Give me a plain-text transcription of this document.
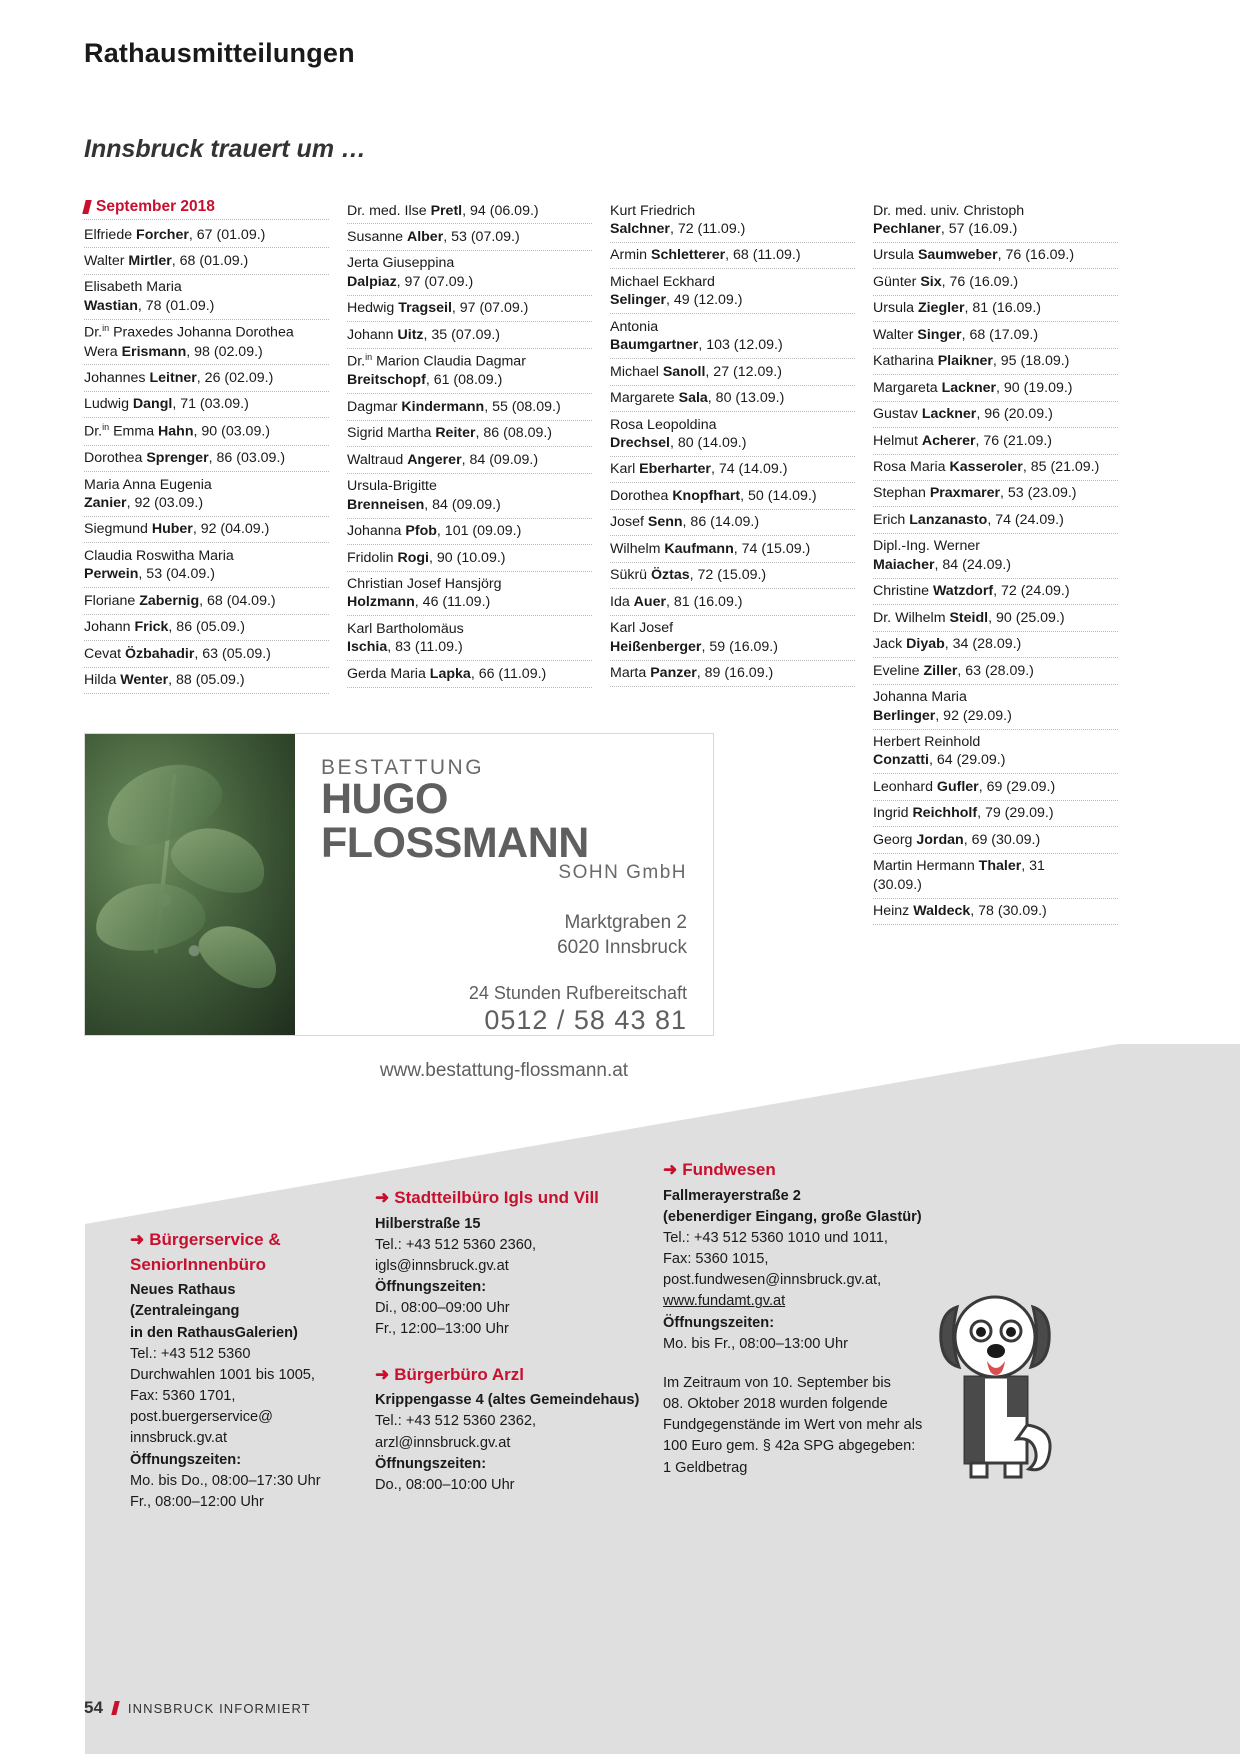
Rathausmitteilungen
Innsbruck trauert um …
September 2018
Elfriede Forcher, 67 (01.09.)
Walter Mirtler, 68 (01.09.)
Elisabeth Maria
Wastian, 78 (01.09.)
Dr.$^{in}$ Praxedes Johanna Dorothea
Wera Erismann, 98 (02.09.)
Johannes Leitner, 26 (02.09.)
Ludwig Dangl, 71 (03.09.)
Dr.$^{in}$ Emma Hahn, 90 (03.09.)
Dorothea Sprenger, 86 (03.09.)
Maria Anna Eugenia
Zanier, 92 (03.09.)
Siegmund Huber, 92 (04.09.)
Claudia Roswitha Maria
Perwein, 53 (04.09.)
Floriane Zabernig, 68 (04.09.)
Johann Frick, 86 (05.09.)
Cevat Özbahadir, 63 (05.09.)
Hilda Wenter, 88 (05.09.)
Dr. med. Ilse Pretl, 94 (06.09.)
Susanne Alber, 53 (07.09.)
Jerta Giuseppina
Dalpiaz, 97 (07.09.)
Hedwig Tragseil, 97 (07.09.)
Johann Uitz, 35 (07.09.)
Dr.$^{in}$ Marion Claudia Dagmar
Breitschopf, 61 (08.09.)
Dagmar Kindermann, 55 (08.09.)
Sigrid Martha Reiter, 86 (08.09.)
Waltraud Angerer, 84 (09.09.)
Ursula-Brigitte
Brenneisen, 84 (09.09.)
Johanna Pfob, 101 (09.09.)
Fridolin Rogi, 90 (10.09.)
Christian Josef Hansjörg
Holzmann, 46 (11.09.)
Karl Bartholomäus
Ischia, 83 (11.09.)
Gerda Maria Lapka, 66 (11.09.)
Kurt Friedrich
Salchner, 72 (11.09.)
Armin Schletterer, 68 (11.09.)
Michael Eckhard
Selinger, 49 (12.09.)
Antonia
Baumgartner, 103 (12.09.)
Michael Sanoll, 27 (12.09.)
Margarete Sala, 80 (13.09.)
Rosa Leopoldina
Drechsel, 80 (14.09.)
Karl Eberharter, 74 (14.09.)
Dorothea Knopfhart, 50 (14.09.)
Josef Senn, 86 (14.09.)
Wilhelm Kaufmann, 74 (15.09.)
Sükrü Öztas, 72 (15.09.)
Ida Auer, 81 (16.09.)
Karl Josef
Heißenberger, 59 (16.09.)
Marta Panzer, 89 (16.09.)
Dr. med. univ. Christoph
Pechlaner, 57 (16.09.)
Ursula Saumweber, 76 (16.09.)
Günter Six, 76 (16.09.)
Ursula Ziegler, 81 (16.09.)
Walter Singer, 68 (17.09.)
Katharina Plaikner, 95 (18.09.)
Margareta Lackner, 90 (19.09.)
Gustav Lackner, 96 (20.09.)
Helmut Acherer, 76 (21.09.)
Rosa Maria Kasseroler, 85 (21.09.)
Stephan Praxmarer, 53 (23.09.)
Erich Lanzanasto, 74 (24.09.)
Dipl.-Ing. Werner
Maiacher, 84 (24.09.)
Christine Watzdorf, 72 (24.09.)
Dr. Wilhelm Steidl, 90 (25.09.)
Jack Diyab, 34 (28.09.)
Eveline Ziller, 63 (28.09.)
Johanna Maria
Berlinger, 92 (29.09.)
Herbert Reinhold
Conzatti, 64 (29.09.)
Leonhard Gufler, 69 (29.09.)
Ingrid Reichholf, 79 (29.09.)
Georg Jordan, 69 (30.09.)
Martin Hermann Thaler, 31
(30.09.)
Heinz Waldeck, 78 (30.09.)
BESTATTUNG
HUGO FLOSSMANN
SOHN GmbH
Marktgraben 2
6020 Innsbruck
24 Stunden Rufbereitschaft
0512 / 58 43 81
www.bestattung-flossmann.at
➜ Bürgerservice &
SeniorInnenbüro
Neues Rathaus (Zentraleingang
in den RathausGalerien)
Tel.: +43 512 5360
Durchwahlen 1001 bis 1005,
Fax: 5360 1701,
post.buergerservice@
innsbruck.gv.at
Öffnungszeiten:
Mo. bis Do., 08:00–17:30 Uhr
Fr., 08:00–12:00 Uhr
➜ Stadtteilbüro Igls und Vill
Hilberstraße 15
Tel.: +43 512 5360 2360,
igls@innsbruck.gv.at
Öffnungszeiten:
Di., 08:00–09:00 Uhr
Fr., 12:00–13:00 Uhr
➜ Bürgerbüro Arzl
Krippengasse 4 (altes Gemeindehaus)
Tel.: +43 512 5360 2362,
arzl@innsbruck.gv.at
Öffnungszeiten:
Do., 08:00–10:00 Uhr
➜ Fundwesen
Fallmerayerstraße 2
(ebenerdiger Eingang, große Glastür)
Tel.: +43 512 5360 1010 und 1011,
Fax: 5360 1015,
post.fundwesen@innsbruck.gv.at,
www.fundamt.gv.at
Öffnungszeiten:
Mo. bis Fr., 08:00–13:00 Uhr
Im Zeitraum von 10. September bis
08. Oktober 2018 wurden folgende
Fundgegenstände im Wert von mehr als
100 Euro gem. § 42a SPG abgegeben:
1 Geldbetrag
54 INNSBRUCK INFORMIERT
